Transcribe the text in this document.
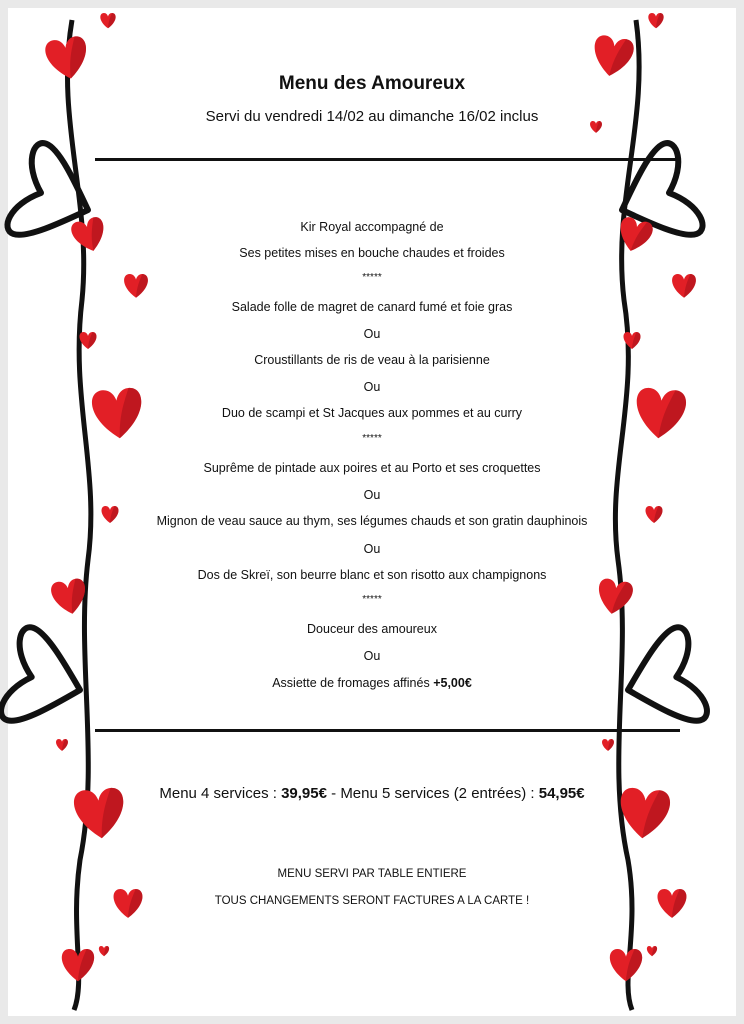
Menu des Amoureux
Servi du vendredi 14/02 au dimanche 16/02 inclus
Kir Royal accompagné de
Ses petites mises en bouche chaudes et froides
*****
Salade folle de magret de canard fumé et foie gras
Ou
Croustillants de ris de veau à la parisienne
Ou
Duo de scampi et St Jacques aux pommes et au curry
*****
Suprême de pintade aux poires et au Porto et ses croquettes
Ou
Mignon de veau sauce au thym, ses légumes chauds et son gratin dauphinois
Ou
Dos de Skreï, son beurre blanc et son risotto aux champignons
*****
Douceur des amoureux
Ou
Assiette de fromages affinés +5,00€
Menu 4 services : 39,95€ - Menu 5 services (2 entrées) : 54,95€
MENU SERVI PAR TABLE ENTIERE
TOUS CHANGEMENTS SERONT FACTURES A LA CARTE !
